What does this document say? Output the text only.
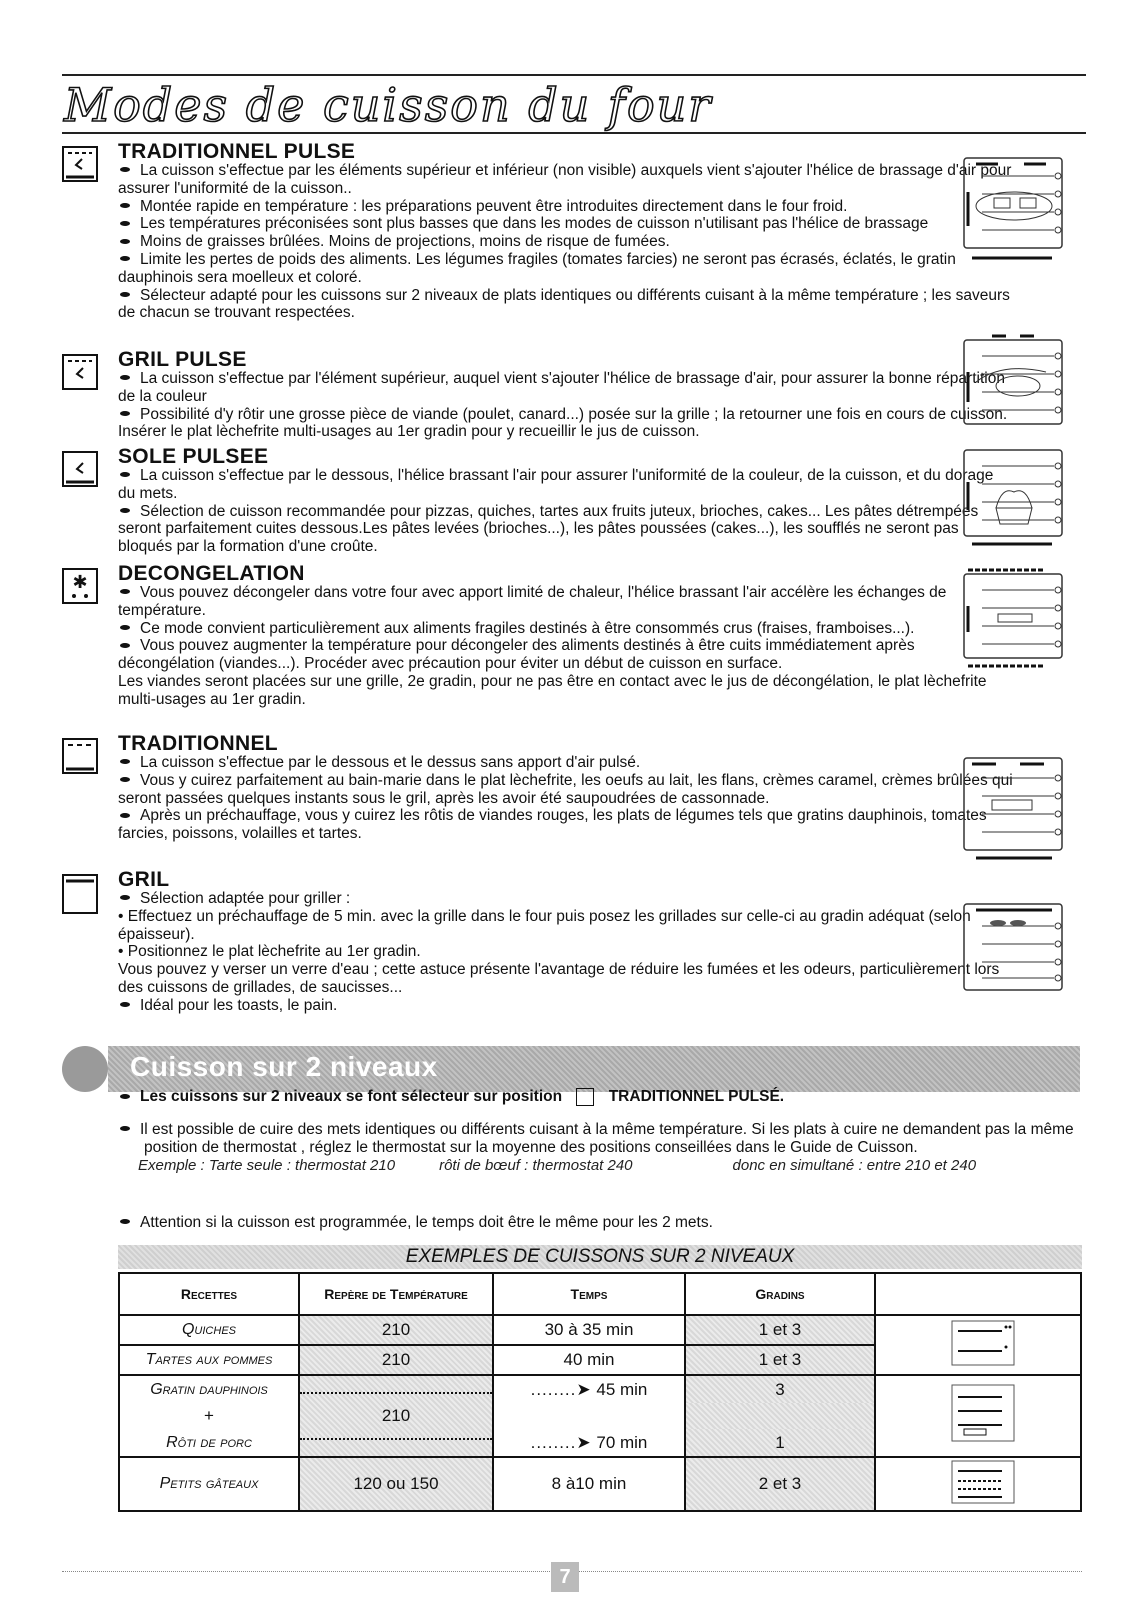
Modes de cuisson du four
TRADITIONNEL PULSE

La cuisson s'effectue par les éléments supérieur et inférieur (non visible) auxquels vient s'ajouter l'hélice de brassage d'air pour assurer l'uniformité de la cuisson..

Montée rapide en température : les préparations peuvent être introduites directement dans le four froid.

Les températures préconisées sont plus basses que dans les modes de cuisson n'utilisant pas l'hélice de brassage

Moins de graisses brûlées. Moins de projections, moins de risque de fumées.

Limite les pertes de poids des aliments. Les légumes fragiles (tomates farcies) ne seront pas écrasés, éclatés, le gratin dauphinois sera moelleux et coloré.

Sélecteur adapté pour les cuissons sur 2 niveaux de plats identiques ou différents cuisant à la même température ; les saveurs de chacun se trouvant respectées.

GRIL PULSE

La cuisson s'effectue par l'élément supérieur, auquel vient s'ajouter l'hélice de brassage d'air, pour assurer la bonne répartition de la couleur

Possibilité d'y rôtir une grosse pièce de viande (poulet, canard...) posée sur la grille ; la retourner une fois en cours de cuisson. Insérer le plat lèchefrite multi-usages au 1er gradin pour y recueillir le jus de cuisson.

SOLE PULSEE

La cuisson s'effectue par le dessous, l'hélice brassant l'air pour assurer l'uniformité de la couleur, de la cuisson, et du dorage du mets.

Sélection de cuisson recommandée pour pizzas, quiches, tartes aux fruits juteux, brioches, cakes... Les pâtes détrempées seront parfaitement cuites dessous.Les pâtes levées (brioches...), les pâtes poussées (cakes...), les soufflés ne seront pas bloqués par la formation d'une croûte.

✱ DECONGELATION

Vous pouvez décongeler dans votre four avec apport limité de chaleur, l'hélice brassant l'air accélère les échanges de température.

Ce mode convient particulièrement aux aliments fragiles destinés à être consommés crus (fraises, framboises...).

Vous pouvez augmenter la température pour décongeler des aliments destinés à être cuits immédiatement après décongélation (viandes...). Procéder avec précaution pour éviter un début de cuisson en surface.

Les viandes seront placées sur une grille, 2e gradin, pour ne pas être en contact avec le jus de décongélation, le plat lèchefrite multi-usages au 1er gradin.

TRADITIONNEL

La cuisson s'effectue par le dessous et le dessus sans apport d'air pulsé.

Vous y cuirez parfaitement au bain-marie dans le plat lèchefrite, les oeufs au lait, les flans, crèmes caramel, crèmes brûlées qui seront passées quelques instants sous le gril, après les avoir été saupoudrées de cassonnade.

Après un préchauffage, vous y cuirez les rôtis de viandes rouges, les plats de légumes tels que gratins dauphinois, tomates farcies, poissons, volailles et tartes.

GRIL

Sélection adaptée pour griller :

• Effectuez un préchauffage de 5 min. avec la grille dans le four puis posez les grillades sur celle-ci au gradin adéquat (selon épaisseur).

• Positionnez le plat lèchefrite au 1er gradin.

Vous pouvez y verser un verre d'eau ; cette astuce présente l'avantage de réduire les fumées et les odeurs, particulièrement lors des cuissons de grillades, de saucisses...

Idéal pour les toasts, le pain.

Cuisson sur 2 niveaux

Les cuissons sur 2 niveaux se font sélecteur sur position	TRADITIONNEL PULSÉ.

Il est possible de cuire des mets identiques ou différents cuisant à la même température. Si les plats à cuire ne demandent pas la même position de thermostat , réglez le thermostat sur la moyenne des positions conseillées dans le Guide de Cuisson.

Exemple : Tarte seule : thermostat 210	rôti de bœuf : thermostat 240	donc en simultané : entre 210 et 240

Attention si la cuisson est programmée, le temps doit être le même pour les 2 mets.

EXEMPLES DE CUISSONS SUR 2 NIVEAUX
Recettes	Repère de Température	Temps	Gradins	
Quiches	210	30 à 35 min	1 et 3	
Tartes aux pommes	210	40 min	1 et 3	
Gratin dauphinois	210	........➤ 45 min	3	
+				
Rôti de porc		........➤ 70 min	1	
Petits gâteaux	120 ou 150	8 à10 min	2 et 3	
7
